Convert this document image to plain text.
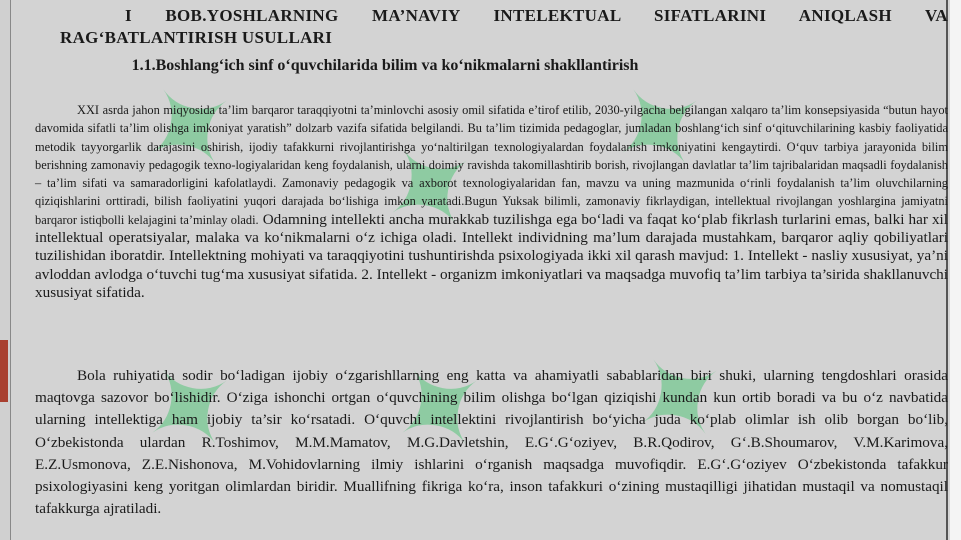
✦ ✦ ✦
✦ ✦ ✦
I BOB.YOSHLARNING MA’NAVIY INTELEKTUAL SIFATLARINI ANIQLASH VA
RAG‘BATLANTIRISH USULLARI
1.1.Boshlang‘ich sinf o‘quvchilarida bilim va ko‘nikmalarni shakllantirish
XXI asrda jahon miqyosida ta’lim barqaror taraqqiyotni ta’minlovchi asosiy omil sifatida e’tirof etilib, 2030-yilgacha belgilangan xalqaro ta’lim konsepsiyasida “butun hayot davomida sifatli ta’lim olishga imkoniyat yaratish” dolzarb vazifa sifatida belgilandi. Bu ta’lim tizimida pedagoglar, jumladan boshlang‘ich sinf o‘qituvchilarining kasbiy faoliyatida metodik tayyorgarlik darajasini oshirish, ijodiy tafakkurni rivojlantirishga yo‘naltirilgan texnologiyalardan foydalanish imkoniyatini kengaytirdi. O‘quv tarbiya jarayonida bilim berishning zamonaviy pedagogik texno-logiyalaridan keng foydalanish, ularni doimiy ravishda takomillashtirib borish, rivojlangan davlatlar ta’lim tajribalaridan maqsadli foydalanish – ta’lim sifati va samaradorligini kafolatlaydi. Zamonaviy pedagogik va axborot texnologiyalaridan fan, mavzu va uning mazmunida o‘rinli foydalanish ta’lim oluvchilarning qiziqishlarini orttiradi, bilish faoliyatini yuqori darajada bo‘lishiga imkon yaratadi.Bugun Yuksak bilimli, zamonaviy fikrlaydigan, intellektual rivojlangan yoshlargina jamiyatni barqaror istiqbolli kelajagini ta’minlay oladi. Odamning intellekti ancha murakkab tuzilishga ega bo‘ladi va faqat ko‘plab fikrlash turlarini emas, balki har xil intellektual operatsiyalar, malaka va ko‘nikmalarni o‘z ichiga oladi. Intellekt individning ma’lum darajada mustahkam, barqaror aqliy qobiliyatlari tuzilishidan iboratdir. Intellektning mohiyati va taraqqiyotini tushuntirishda psixologiyada ikki xil qarash mavjud: 1. Intellekt - nasliy xususiyat, ya’ni avloddan avlodga o‘tuvchi tug‘ma xususiyat sifatida. 2. Intellekt - organizm imkoniyatlari va maqsadga muvofiq ta’lim tarbiya ta’sirida shakllanuvchi xususiyat sifatida.
Bola ruhiyatida sodir bo‘ladigan ijobiy o‘zgarishllarning eng katta va ahamiyatli sabablaridan biri shuki, ularning tengdoshlari orasida maqtovga sazovor bo‘lishidir. O‘ziga ishonchi ortgan o‘quvchining bilim olishga bo‘lgan qiziqishi kundan kun ortib boradi va bu o‘z navbatida ularning intellektiga ham ijobiy ta’sir ko‘rsatadi. O‘quvchi intellektini rivojlantirish bo‘yicha juda ko‘plab olimlar ish olib borgan bo‘lib, O‘zbekistonda ulardan R.Toshimov, M.M.Mamatov, M.G.Davletshin, E.G‘.G‘oziyev, B.R.Qodirov, G‘.B.Shoumarov, V.M.Karimova, E.Z.Usmonova, Z.E.Nishonova, M.Vohidovlarning ilmiy ishlarini o‘rganish maqsadga muvofiqdir. E.G‘.G‘oziyev O‘zbekistonda tafakkur psixologiyasini keng yoritgan olimlardan biridir. Muallifning fikriga ko‘ra, inson tafakkuri o‘zining mustaqilligi jihatidan mustaqil va nomustaqil tafakkurga ajratiladi.
